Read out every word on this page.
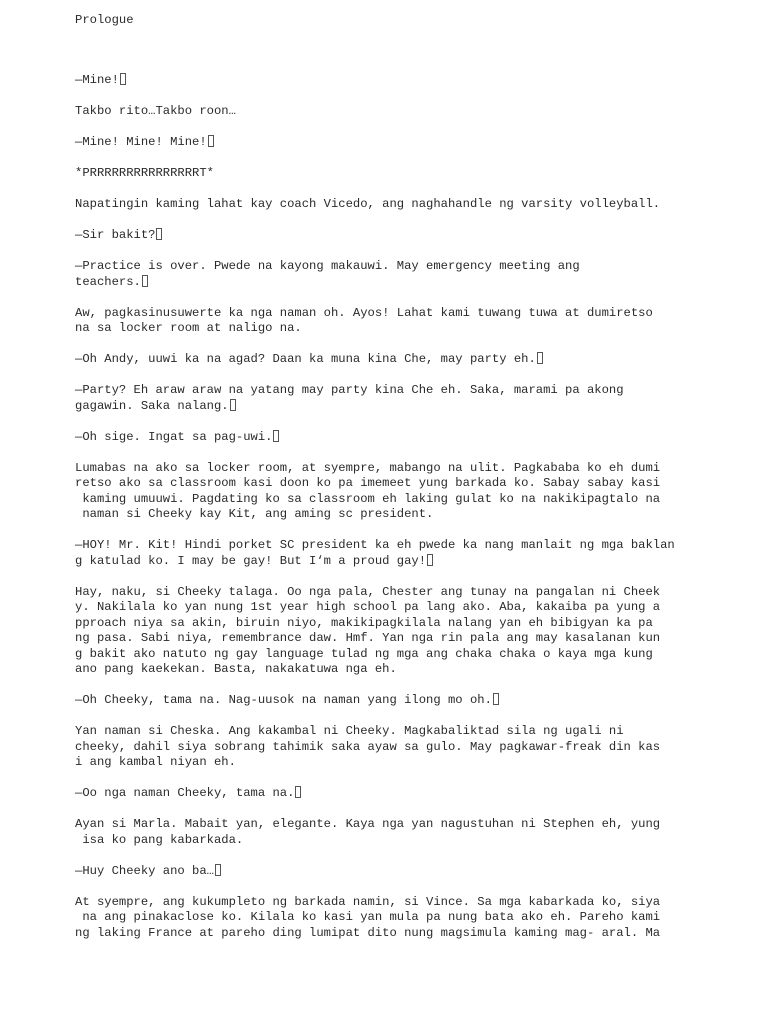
Prologue

—Mine!
Takbo rito…Takbo roon…
—Mine! Mine! Mine!
*PRRRRRRRRRRRRRRRT*
Napatingin kaming lahat kay coach Vicedo, ang naghahandle ng varsity volleyball.
—Sir bakit?
—Practice is over. Pwede na kayong makauwi. May emergency meeting ang
teachers.
Aw, pagkasinusuwerte ka nga naman oh. Ayos! Lahat kami tuwang tuwa at dumiretso
na sa locker room at naligo na.
—Oh Andy, uuwi ka na agad? Daan ka muna kina Che, may party eh.
—Party? Eh araw araw na yatang may party kina Che eh. Saka, marami pa akong
gagawin. Saka nalang.
—Oh sige. Ingat sa pag-uwi.
Lumabas na ako sa locker room, at syempre, mabango na ulit. Pagkababa ko eh dumi
retso ako sa classroom kasi doon ko pa imemeet yung barkada ko. Sabay sabay kasi
kaming umuuwi. Pagdating ko sa classroom eh laking gulat ko na nakikipagtalo na
naman si Cheeky kay Kit, ang aming sc president.
—HOY! Mr. Kit! Hindi porket SC president ka eh pwede ka nang manlait ng mga baklan
g katulad ko. I may be gay! But I‘m a proud gay!
Hay, naku, si Cheeky talaga. Oo nga pala, Chester ang tunay na pangalan ni Cheek
y. Nakilala ko yan nung 1st year high school pa lang ako. Aba, kakaiba pa yung a
pproach niya sa akin, biruin niyo, makikipagkilala nalang yan eh bibigyan ka pa
ng pasa. Sabi niya, remembrance daw. Hmf. Yan nga rin pala ang may kasalanan kun
g bakit ako natuto ng gay language tulad ng mga ang chaka chaka o kaya mga kung
ano pang kaekekan. Basta, nakakatuwa nga eh.
—Oh Cheeky, tama na. Nag-uusok na naman yang ilong mo oh.
Yan naman si Cheska. Ang kakambal ni Cheeky. Magkabaliktad sila ng ugali ni
cheeky, dahil siya sobrang tahimik saka ayaw sa gulo. May pagkawar-freak din kas
i ang kambal niyan eh.
—Oo nga naman Cheeky, tama na.
Ayan si Marla. Mabait yan, elegante. Kaya nga yan nagustuhan ni Stephen eh, yung
isa ko pang kabarkada.
—Huy Cheeky ano ba…
At syempre, ang kukumpleto ng barkada namin, si Vince. Sa mga kabarkada ko, siya
na ang pinakaclose ko. Kilala ko kasi yan mula pa nung bata ako eh. Pareho kami
ng laking France at pareho ding lumipat dito nung magsimula kaming mag- aral. Ma
